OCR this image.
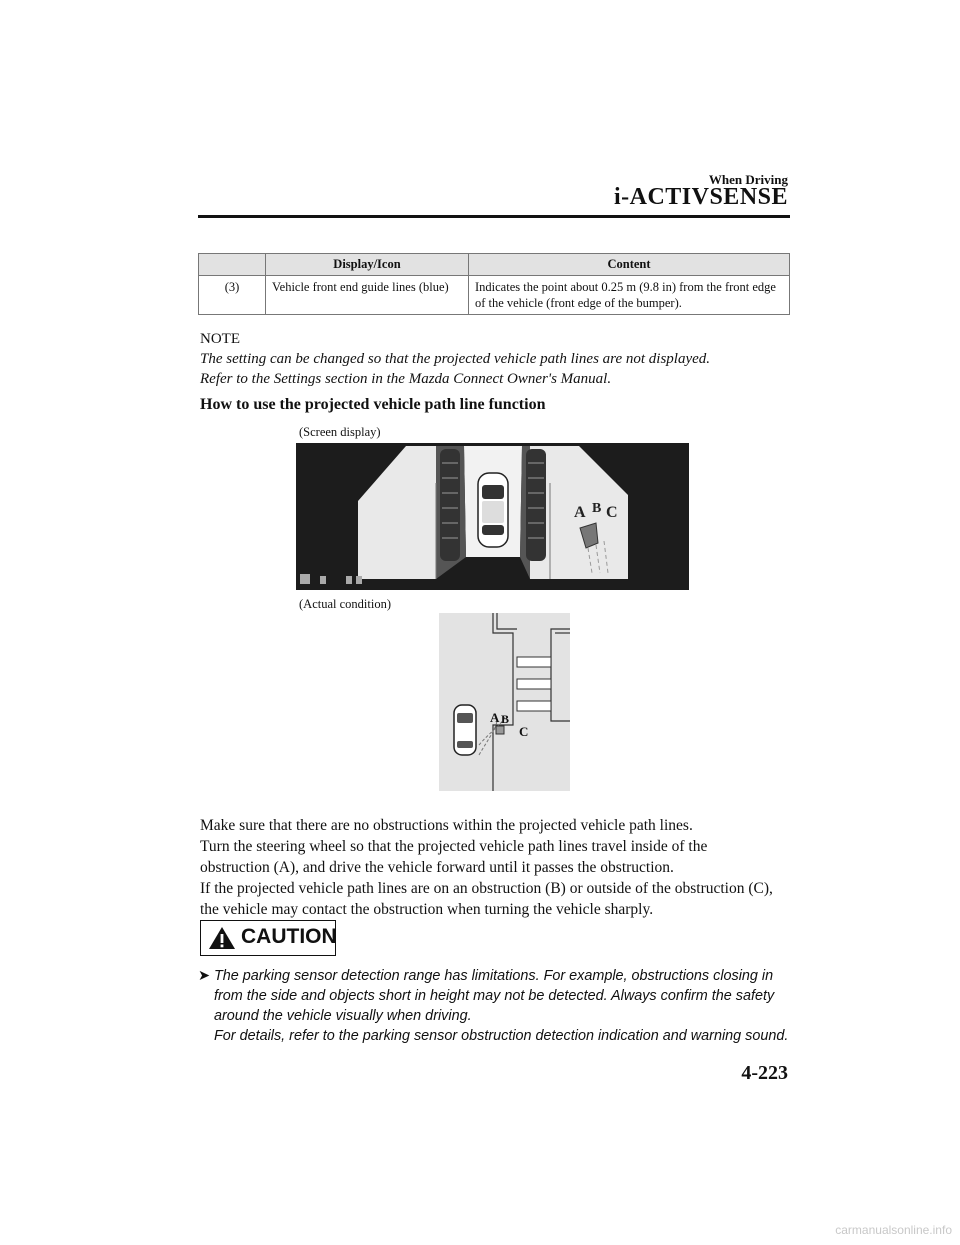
When Driving
i-ACTIVSENSE
	Display/Icon	Content
(3)	Vehicle front end guide lines (blue)	Indicates the point about 0.25 m (9.8 in) from the front edge of the vehicle (front edge of the bumper).
NOTE
The setting can be changed so that the projected vehicle path lines are not displayed.
Refer to the Settings section in the Mazda Connect Owner's Manual.
How to use the projected vehicle path line function
(Screen display)
A B C
(Actual condition)
A B
C
Make sure that there are no obstructions within the projected vehicle path lines.
Turn the steering wheel so that the projected vehicle path lines travel inside of the
obstruction (A), and drive the vehicle forward until it passes the obstruction.
If the projected vehicle path lines are on an obstruction (B) or outside of the obstruction (C),
the vehicle may contact the obstruction when turning the vehicle sharply.
CAUTION
➤ The parking sensor detection range has limitations. For example, obstructions closing in
from the side and objects short in height may not be detected. Always confirm the safety
around the vehicle visually when driving.
For details, refer to the parking sensor obstruction detection indication and warning sound.
4-223
carmanualsonline.info
